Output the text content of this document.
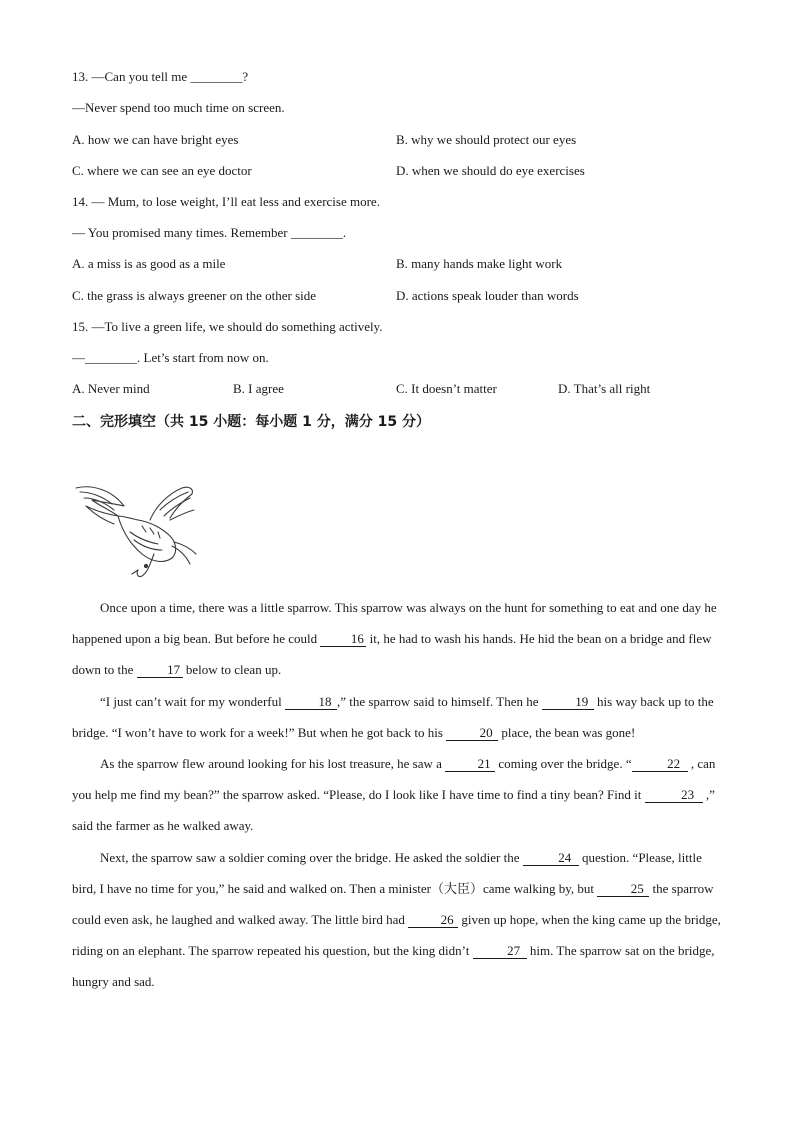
13. —Can you tell me ________?
—Never spend too much time on screen.
A. how we can have bright eyes	B. why we should protect our eyes
C. where we can see an eye doctor	D. when we should do eye exercises
14. — Mum, to lose weight, I’ll eat less and exercise more.
— You promised many times. Remember ________.
A. a miss is as good as a mile	B. many hands make light work
C. the grass is always greener on the other side	D. actions speak louder than words
15. —To live a green life, we should do something actively.
—________. Let’s start from now on.
A. Never mind	B. I agree	C. It doesn’t matter	D. That’s all right
二、完形填空（共 15 小题：每小题 1 分，满分 15 分）

Once upon a time, there was a little sparrow. This sparrow was always on the hunt for something to eat and one day he happened upon a big bean. But before he could 16 it, he had to wash his hands. He hid the bean on a bridge and flew down to the 17 below to clean up.

“I just can’t wait for my wonderful	18 ,” the sparrow said to himself. Then he	19 his way back up to the bridge. “I won’t have to work for a week!” But when he got back to his	20 place, the bean was gone!

As the sparrow flew around looking for his lost treasure, he saw a	21 coming over the bridge. “	22 , can you help me find my bean?” the sparrow asked. “Please, do I look like I have time to find a tiny bean? Find it	23 ,” said the farmer as he walked away.

Next, the sparrow saw a soldier coming over the bridge. He asked the soldier the	24 question. “Please, little bird, I have no time for you,” he said and walked on. Then a minister（大臣）came walking by, but	25 the sparrow could even ask, he laughed and walked away. The little bird had	26 given up hope, when the king came up the bridge, riding on an elephant. The sparrow repeated his question, but the king didn’t	27 him. The sparrow sat on the bridge, hungry and sad.
